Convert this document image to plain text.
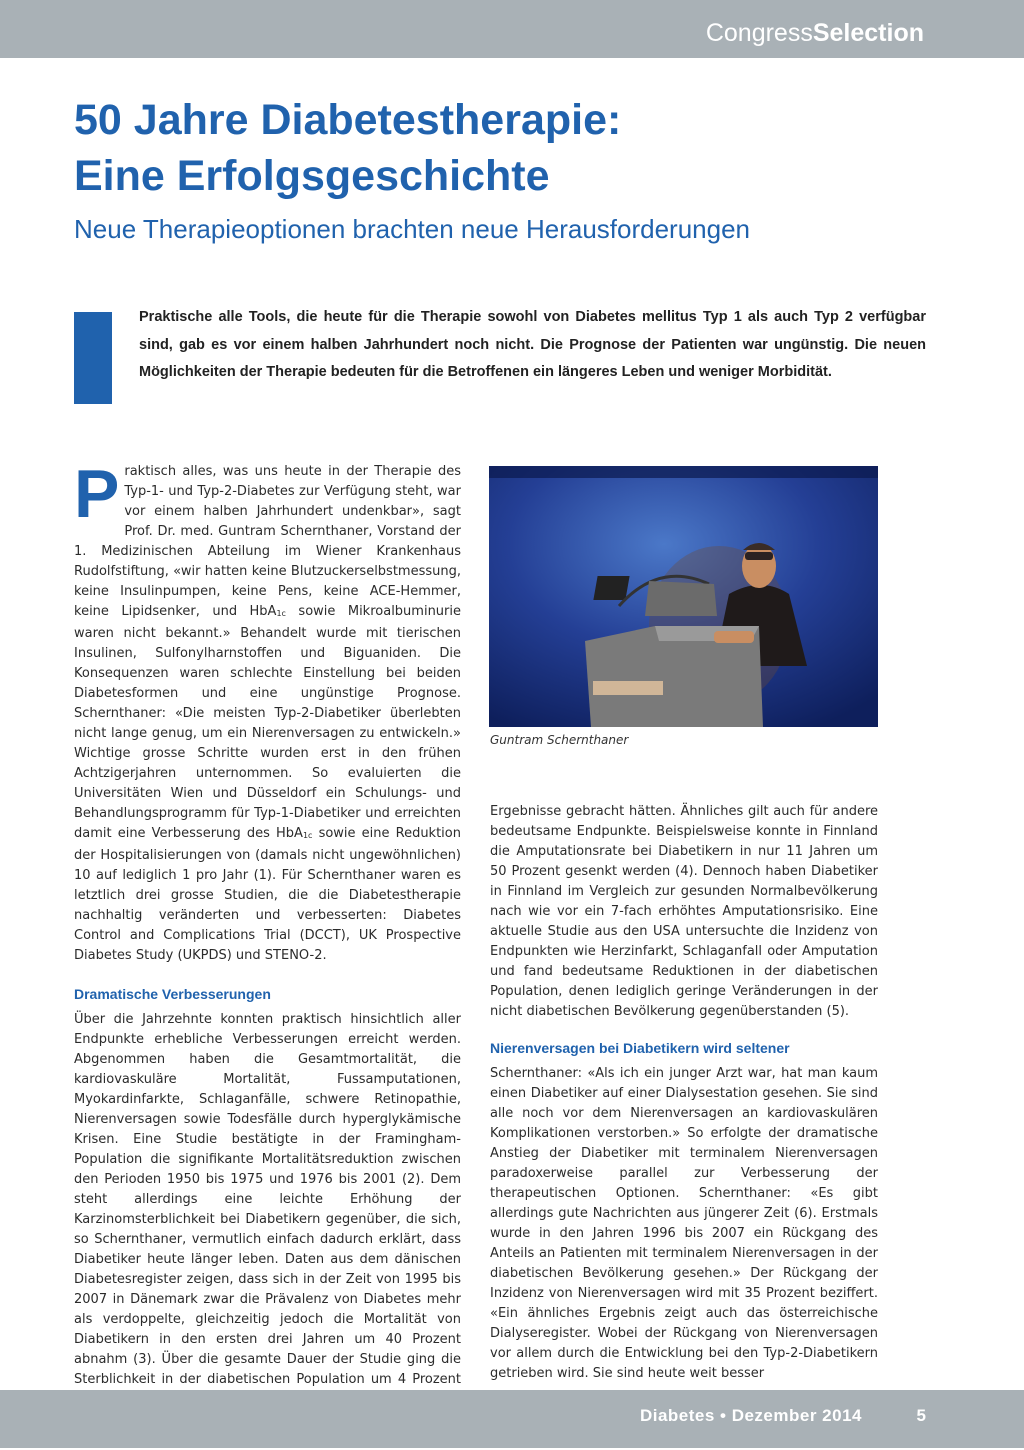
CongressSelection
50 Jahre Diabetestherapie:
Eine Erfolgsgeschichte
Neue Therapieoptionen brachten neue Herausforderungen

Praktische alle Tools, die heute für die Therapie sowohl von Diabetes mellitus Typ 1 als auch Typ 2 verfügbar sind, gab es vor einem halben Jahrhundert noch nicht. Die Prognose der Patienten war ungünstig. Die neuen Möglichkeiten der Therapie bedeuten für die Betroffenen ein längeres Leben und weniger Morbidität.

Praktisch alles, was uns heute in der Therapie des Typ-1- und Typ-2-Diabetes zur Verfügung steht, war vor einem halben Jahrhundert undenkbar», sagt Prof. Dr. med. Guntram Schernthaner, Vorstand der 1. Medizinischen Abteilung im Wiener Krankenhaus Rudolfstiftung, «wir hatten keine Blutzuckerselbstmessung, keine Insulinpumpen, keine Pens, keine ACE-Hemmer, keine Lipidsenker, und HbA$_{1c}$ sowie Mikroalbuminurie waren nicht bekannt.» Behandelt wurde mit tierischen Insulinen, Sulfonylharnstoffen und Biguaniden. Die Konsequenzen waren schlechte Einstellung bei beiden Diabetesformen und eine ungünstige Prognose. Schernthaner: «Die meisten Typ-2-Diabetiker überlebten nicht lange genug, um ein Nierenversagen zu entwickeln.» Wichtige grosse Schritte wurden erst in den frühen Achtzigerjahren unternommen. So evaluierten die Universitäten Wien und Düsseldorf ein Schulungs- und Behandlungsprogramm für Typ-1-Diabetiker und erreichten damit eine Verbesserung des HbA$_{1c}$ sowie eine Reduktion der Hospitalisierungen von (damals nicht ungewöhnlichen) 10 auf lediglich 1 pro Jahr (1). Für Schernthaner waren es letztlich drei grosse Studien, die die Diabetestherapie nachhaltig veränderten und verbesserten: Diabetes Control and Complications Trial (DCCT), UK Prospective Diabetes Study (UKPDS) und STENO-2.

Dramatische Verbesserungen

Über die Jahrzehnte konnten praktisch hinsichtlich aller Endpunkte erhebliche Verbesserungen erreicht werden. Abgenommen haben die Gesamtmortalität, die kardiovaskuläre Mortalität, Fussamputationen, Myokardinfarkte, Schlaganfälle, schwere Retinopathie, Nierenversagen sowie Todesfälle durch hyperglykämische Krisen. Eine Studie bestätigte in der Framingham-Population die signifikante Mortalitätsreduktion zwischen den Perioden 1950 bis 1975 und 1976 bis 2001 (2). Dem steht allerdings eine leichte Erhöhung der Karzinomsterblichkeit bei Diabetikern gegenüber, die sich, so Schernthaner, vermutlich einfach dadurch erklärt, dass Diabetiker heute länger leben. Daten aus dem dänischen Diabetesregister zeigen, dass sich in der Zeit von 1995 bis 2007 in Dänemark zwar die Prävalenz von Diabetes mehr als verdoppelte, gleichzeitig jedoch die Mortalität von Diabetikern in den ersten drei Jahren um 40 Prozent abnahm (3). Über die gesamte Dauer der Studie ging die Sterblichkeit in der diabetischen Population um 4 Prozent

Guntram Schernthaner

Ergebnisse gebracht hätten. Ähnliches gilt auch für andere bedeutsame Endpunkte. Beispielsweise konnte in Finnland die Amputationsrate bei Diabetikern in nur 11 Jahren um 50 Prozent gesenkt werden (4). Dennoch haben Diabetiker in Finnland im Vergleich zur gesunden Normalbevölkerung nach wie vor ein 7-fach erhöhtes Amputationsrisiko. Eine aktuelle Studie aus den USA untersuchte die Inzidenz von Endpunkten wie Herzinfarkt, Schlaganfall oder Amputation und fand bedeutsame Reduktionen in der diabetischen Population, denen lediglich geringe Veränderungen in der nicht diabetischen Bevölkerung gegenüberstanden (5).

Nierenversagen bei Diabetikern wird seltener

Schernthaner: «Als ich ein junger Arzt war, hat man kaum einen Diabetiker auf einer Dialysestation gesehen. Sie sind alle noch vor dem Nierenversagen an kardiovaskulären Komplikationen verstorben.» So erfolgte der dramatische Anstieg der Diabetiker mit terminalem Nierenversagen paradoxerweise parallel zur Verbesserung der therapeutischen Optionen. Schernthaner: «Es gibt allerdings gute Nachrichten aus jüngerer Zeit (6). Erstmals wurde in den Jahren 1996 bis 2007 ein Rückgang des Anteils an Patienten mit terminalem Nierenversagen in der diabetischen Bevölkerung gesehen.» Der Rückgang der Inzidenz von Nierenversagen wird mit 35 Prozent beziffert. «Ein ähnliches Ergebnis zeigt auch das österreichische Dialyseregister. Wobei der Rückgang von Nierenversagen vor allem durch die Entwicklung bei den Typ-2-Diabetikern getrieben wird. Sie sind heute weit besser

Diabetes • Dezember 2014	5
